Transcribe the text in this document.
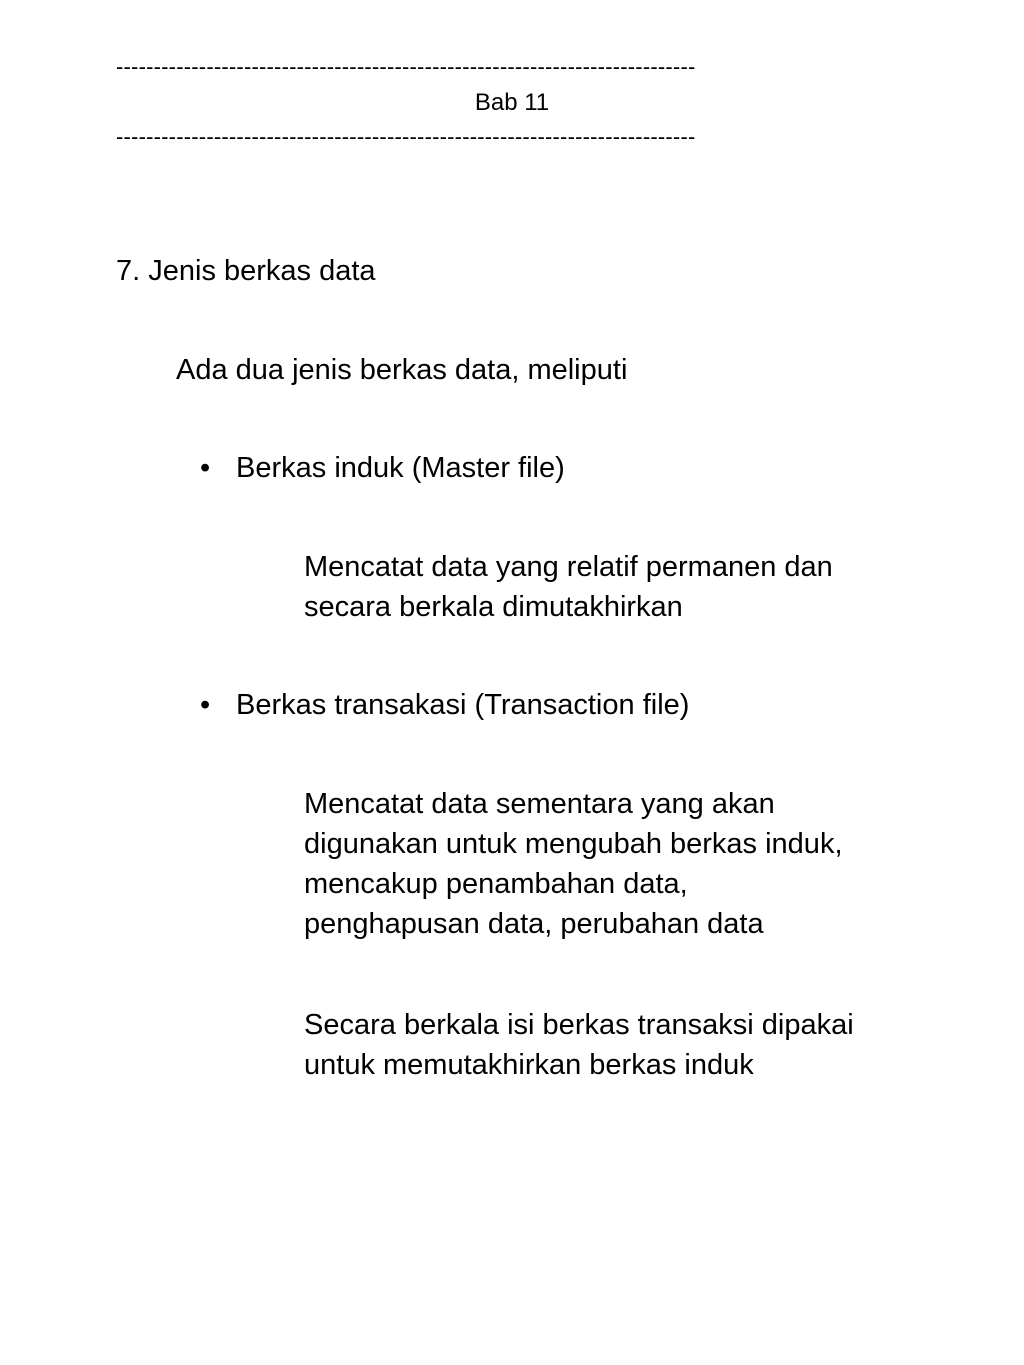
-----------------------------------------------------------------------------
Bab 11
-----------------------------------------------------------------------------
7. Jenis berkas data
Ada dua jenis berkas data, meliputi
• Berkas induk (Master file)

Mencatat data yang relatif permanen dan

secara berkala dimutakhirkan

• Berkas transakasi (Transaction file)

Mencatat data sementara yang akan

digunakan untuk mengubah berkas induk,

mencakup penambahan data,

penghapusan data, perubahan data

Secara berkala isi berkas transaksi dipakai

untuk memutakhirkan berkas induk
